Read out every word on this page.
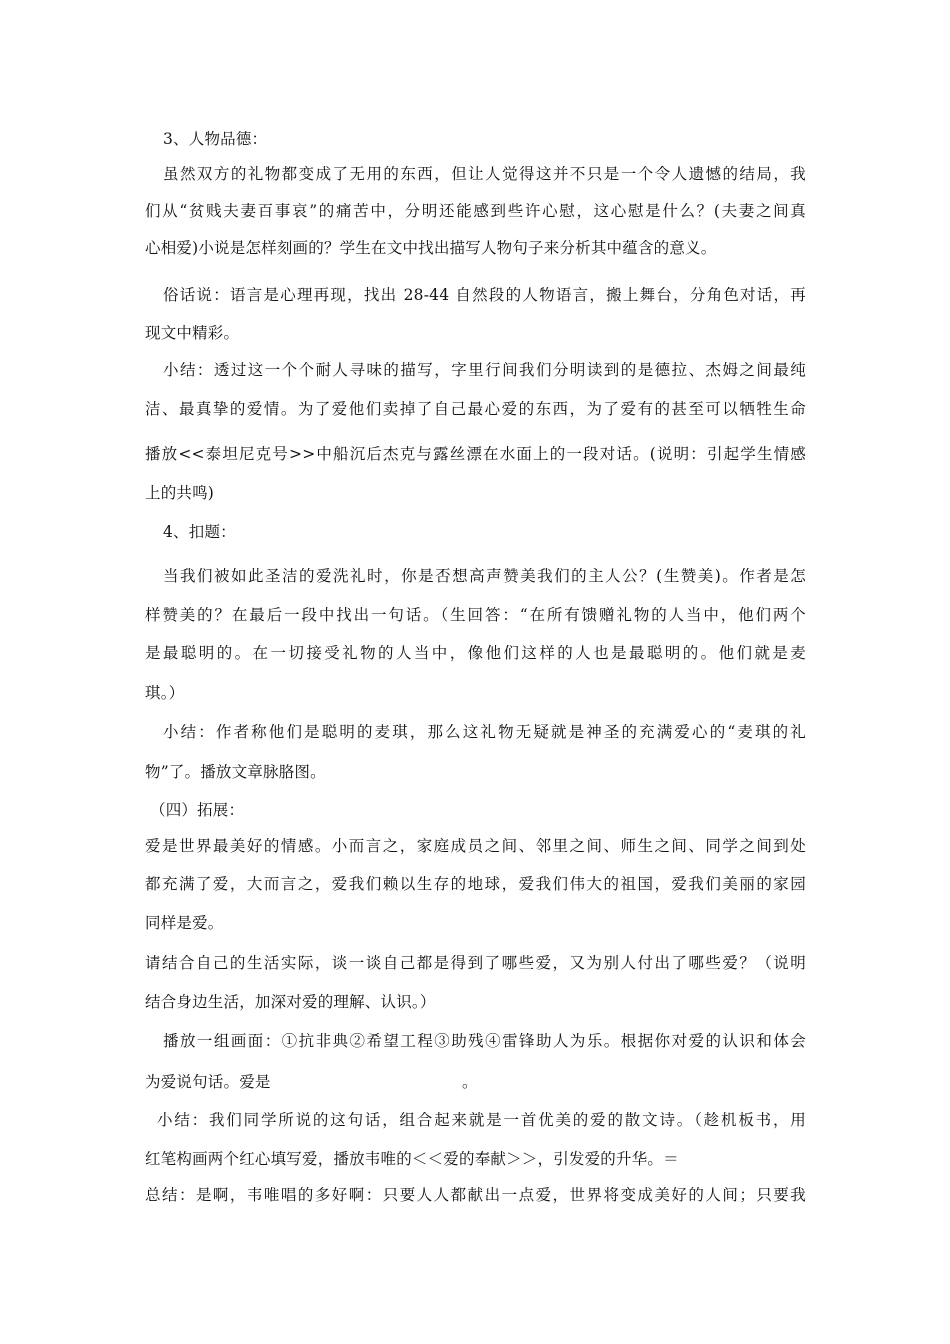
3、人物品德：
虽然双方的礼物都变成了无用的东西，但让人觉得这并不只是一个令人遗憾的结局，我
们从“贫贱夫妻百事哀”的痛苦中，分明还能感到些许心慰，这心慰是什么？(夫妻之间真
心相爱)小说是怎样刻画的？学生在文中找出描写人物句子来分析其中蕴含的意义。
俗话说：语言是心理再现，找出 28-44 自然段的人物语言，搬上舞台，分角色对话，再
现文中精彩。
小结：透过这一个个耐人寻味的描写，字里行间我们分明读到的是德拉、杰姆之间最纯
洁、最真挚的爱情。为了爱他们卖掉了自己最心爱的东西，为了爱有的甚至可以牺牲生命
播放<<泰坦尼克号>>中船沉后杰克与露丝漂在水面上的一段对话。(说明：引起学生情感
上的共鸣)
4、扣题：
当我们被如此圣洁的爱洗礼时，你是否想高声赞美我们的主人公？(生赞美)。作者是怎
样赞美的？在最后一段中找出一句话。（生回答：“在所有馈赠礼物的人当中，他们两个
是最聪明的。在一切接受礼物的人当中，像他们这样的人也是最聪明的。他们就是麦
琪。）
小结：作者称他们是聪明的麦琪，那么这礼物无疑就是神圣的充满爱心的“麦琪的礼
物”了。播放文章脉胳图。
（四）拓展：
爱是世界最美好的情感。小而言之，家庭成员之间、邻里之间、师生之间、同学之间到处
都充满了爱，大而言之，爱我们赖以生存的地球，爱我们伟大的祖国，爱我们美丽的家园
同样是爱。
请结合自己的生活实际，谈一谈自己都是得到了哪些爱，又为别人付出了哪些爱？（说明
结合身边生活，加深对爱的理解、认识。）
播放一组画面：①抗非典②希望工程③助残④雷锋助人为乐。根据你对爱的认识和体会
为爱说句话。爱是	。
小结：我们同学所说的这句话，组合起来就是一首优美的爱的散文诗。（趁机板书，用
红笔构画两个红心填写爱，播放韦唯的＜＜爱的奉献＞＞，引发爱的升华。＝
总结：是啊，韦唯唱的多好啊：只要人人都献出一点爱，世界将变成美好的人间；只要我
